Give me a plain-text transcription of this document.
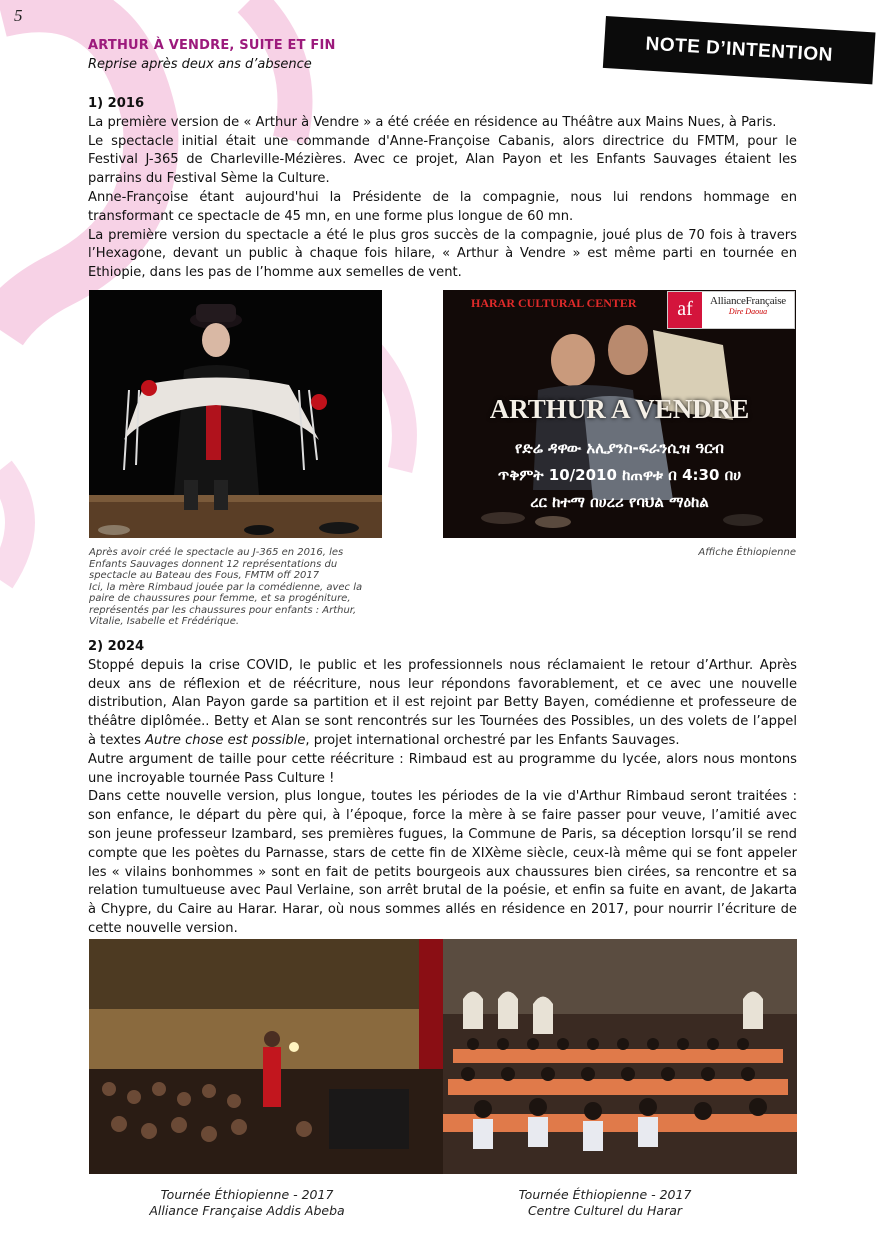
5
NOTE D’INTENTION
ARTHUR À VENDRE, SUITE ET FIN
Reprise après deux ans d’absence

1) 2016

La première version de « Arthur à Vendre » a été créée en résidence au Théâtre aux Mains Nues, à Paris.

Le spectacle initial était une commande d'Anne-Françoise Cabanis, alors directrice du FMTM, pour le Festival J-365 de Charleville-Mézières. Avec ce projet, Alan Payon et les Enfants Sauvages étaient les parrains du Festival Sème la Culture.

Anne-Françoise étant aujourd'hui la Présidente de la compagnie, nous lui rendons hommage en transformant ce spectacle de 45 mn, en une forme plus longue de 60 mn.

La première version du spectacle a été le plus gros succès de la compagnie, joué plus de 70 fois à travers l’Hexagone, devant un public à chaque fois hilare, « Arthur à Vendre » est même parti en tournée en Ethiopie, dans les pas de l’homme aux semelles de vent.

HARAR CULTURAL CENTER	af	AllianceFrançaise
Dire Daoua
ARTHUR A VENDRE
የድሬ ዳዋው አሊያንስ-ፍራንሲዝ ዓርብ
ጥቅምት 10/2010 ከጠዋቱ በ 4:30 በሀ
ረር ከተማ በሀረሪ የባህል ማዕከል
Après avoir créé le spectacle au J-365 en 2016, les Enfants Sauvages donnent 12 représentations du spectacle au Bateau des Fous, FMTM off 2017
Ici, la mère Rimbaud jouée par la comédienne, avec la paire de chaussures pour femme, et sa progéniture, représentés par les chaussures pour enfants : Arthur, Vitalie, Isabelle et Frédérique.
Affiche Éthiopienne

2) 2024

Stoppé depuis la crise COVID, le public et les professionnels nous réclamaient le retour d’Arthur. Après deux ans de réflexion et de réécriture, nous leur répondons favorablement, et ce avec une nouvelle distribution, Alan Payon garde sa partition et il est rejoint par Betty Bayen, comédienne et professeure de théâtre diplômée.. Betty et Alan se sont rencontrés sur les Tournées des Possibles, un des volets de l’appel à textes Autre chose est possible, projet international orchestré par les Enfants Sauvages.

Autre argument de taille pour cette réécriture : Rimbaud est au programme du lycée, alors nous montons une incroyable tournée Pass Culture !

Dans cette nouvelle version, plus longue, toutes les périodes de la vie d'Arthur Rimbaud seront traitées : son enfance, le départ du père qui, à l’époque, force la mère à se faire passer pour veuve, l’amitié avec son jeune professeur Izambard, ses premières fugues, la Commune de Paris, sa déception lorsqu’il se rend compte que les poètes du Parnasse, stars de cette fin de XIXème siècle, ceux-là même qui se font appeler les « vilains bonhommes » sont en fait de petits bourgeois aux chaussures bien cirées, sa rencontre et sa relation tumultueuse avec Paul Verlaine, son arrêt brutal de la poésie, et enfin sa fuite en avant, de Jakarta à Chypre, du Caire au Harar. Harar, où nous sommes allés en résidence en 2017, pour nourrir l’écriture de cette nouvelle version.

Tournée Éthiopienne - 2017
Alliance Française Addis Abeba
Tournée Éthiopienne - 2017
Centre Culturel du Harar
